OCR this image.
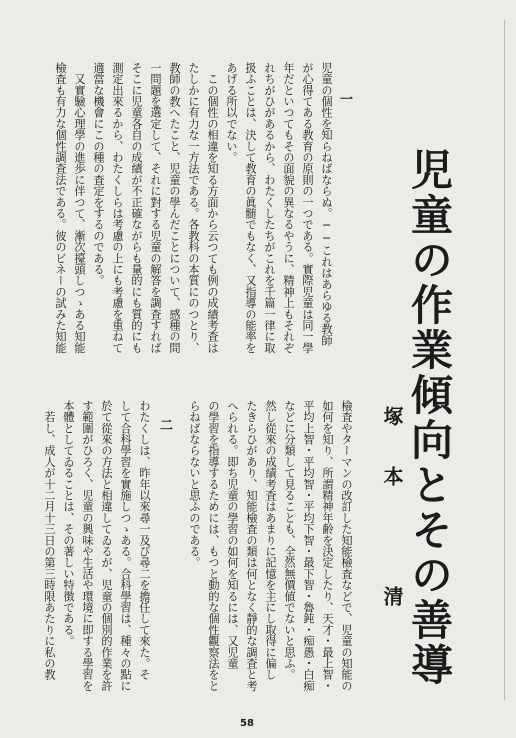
児童の作業傾向とその善導
塚本　清
一
児童の個性を知らねばならぬ。──これはあらゆる教師
が心得てある教育の原則の一つである。實際児童は同一學
年だといつてもその面貌の異なるやうに、精神上もそれぞ
れちがひがあるから、わたくしたちがこれを千篇一律に取
扱ふことは、決して教育の眞髄でもなく、又指導の能率を
あげる所以でない。
　この個性の相違を知る方面から云つても例の成績考査は
たしかに有力な一方法である。各教科の本質にのつとり、
教師の教へたこと、児童の學んだことについて、感種の問
一問題を選定して、それに對する児童の解答を調査すれば
そこに児童各自の成績が不正確ながらも量的にも質的にも
測定出來るから、わたくしらは考慮の上にも考慮を重ねて
適當な機會にこの種の査定をするのである。
　又實驗心理學の進歩に伴つて、漸次擡頭しつゝある知能
檢査も有力な個性調査法である。彼のビネーの試みた知能
檢査やターマンの改訂した知能檢査などで、児童の知能の
如何を知り、所謂精神年齢を決定したり、天才・最上智・
平均上智・平均智・平均下智・最下智・魯鈍・痴愚・白痴
などに分類して見ることも、全然無價値でないと思ふ。
然し從來の成績考査はあまりに記憶を主にし取得に偏し
たきらひがあり、知能檢査の類は何となく靜的な調査と考
へられる。即ち児童の學習の如何を知るには、又児童
の學習を指導するためには、もつと動的な個性觀察法をと
らねばならないと思ふのである。
二
わたくしは、昨年以來尋一及び尋二を擔任して來た。そ
して合科學習を實施しつゝある。合科學習は、種々の點に
於て從來の方法と相違してゐるが、児童の個別的作業を許
す範圍がひろく、児童の興味や生活や環境に即する學習を
本體としてゐることは、その著しい特徴である。
　若し、成人が十二月十三日の第三時限あたりに私の教
58
